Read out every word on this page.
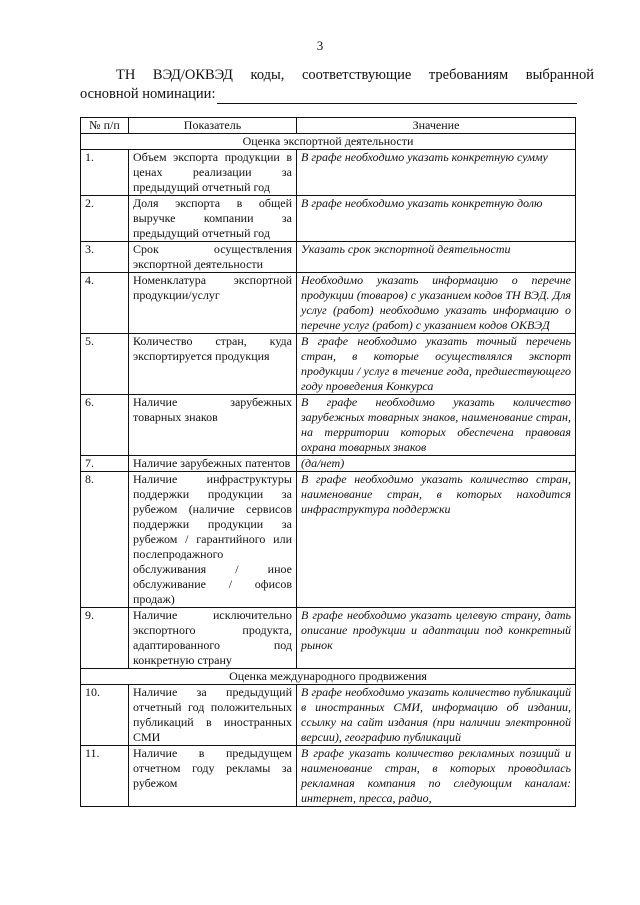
3
ТН ВЭД/ОКВЭД коды, соответствующие требованиям выбранной
основной номинации:
№ п/п	Показатель	Значение
Оценка экспортной деятельности		
1.	Объем экспорта продукции в ценах реализации за предыдущий отчетный год	В графе необходимо указать конкретную сумму
2.	Доля экспорта в общей выручке компании за предыдущий отчетный год	В графе необходимо указать конкретную долю
3.	Срок осуществления экспортной деятельности	Указать срок экспортной деятельности
4.	Номенклатура экспортной продукции/услуг	Необходимо указать информацию о перечне продукции (товаров) с указанием кодов ТН ВЭД. Для услуг (работ) необходимо указать информацию о перечне услуг (работ) с указанием кодов ОКВЭД
5.	Количество стран, куда экспортируется продукция	В графе необходимо указать точный перечень стран, в которые осуществлялся экспорт продукции / услуг в течение года, предшествующего году проведения Конкурса
6.	Наличие зарубежных товарных знаков	В графе необходимо указать количество зарубежных товарных знаков, наименование стран, на территории которых обеспечена правовая охрана товарных знаков
7.	Наличие зарубежных патентов	(да/нет)
8.	Наличие инфраструктуры поддержки продукции за рубежом (наличие сервисов поддержки продукции за рубежом / гарантийного или послепродажного обслуживания / иное обслуживание / офисов продаж)	В графе необходимо указать количество стран, наименование стран, в которых находится инфраструктура поддержки
9.	Наличие исключительно экспортного продукта, адаптированного под конкретную страну	В графе необходимо указать целевую страну, дать описание продукции и адаптации под конкретный рынок
Оценка международного продвижения		
10.	Наличие за предыдущий отчетный год положительных публикаций в иностранных СМИ	В графе необходимо указать количество публикаций в иностранных СМИ, информацию об издании, ссылку на сайт издания (при наличии электронной версии), географию публикаций
11.	Наличие в предыдущем отчетном году рекламы за рубежом	В графе указать количество рекламных позиций и наименование стран, в которых проводилась рекламная компания по следующим каналам: интернет, пресса, радио,
